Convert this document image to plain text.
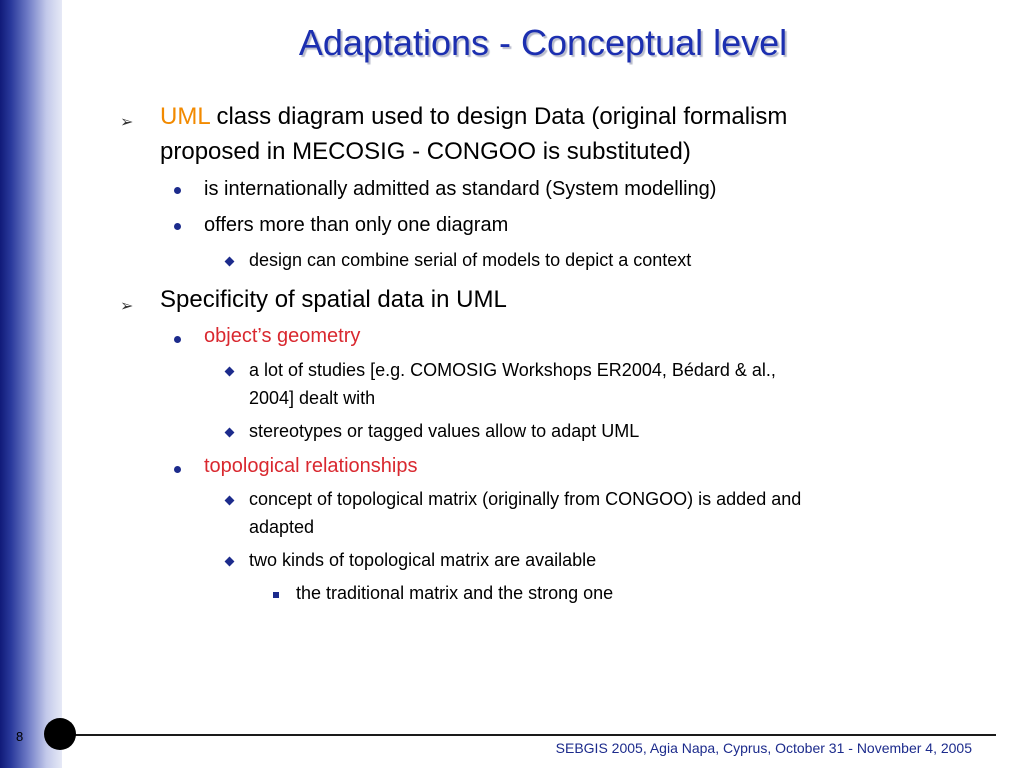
Adaptations - Conceptual level
➢ UML class diagram used to design Data (original formalism
proposed in MECOSIG - CONGOO is substituted)
is internationally admitted as standard (System modelling)
offers more than only one diagram
design can combine serial of models to depict a context
➢ Specificity of spatial data in UML
object’s geometry
a lot of studies [e.g. COMOSIG Workshops ER2004, Bédard & al.,
2004] dealt with
stereotypes or tagged values allow to adapt UML
topological relationships
concept of topological matrix (originally from CONGOO) is added and
adapted
two kinds of topological matrix are available
the traditional matrix and the strong one
8
SEBGIS 2005, Agia Napa, Cyprus, October 31 - November 4, 2005
